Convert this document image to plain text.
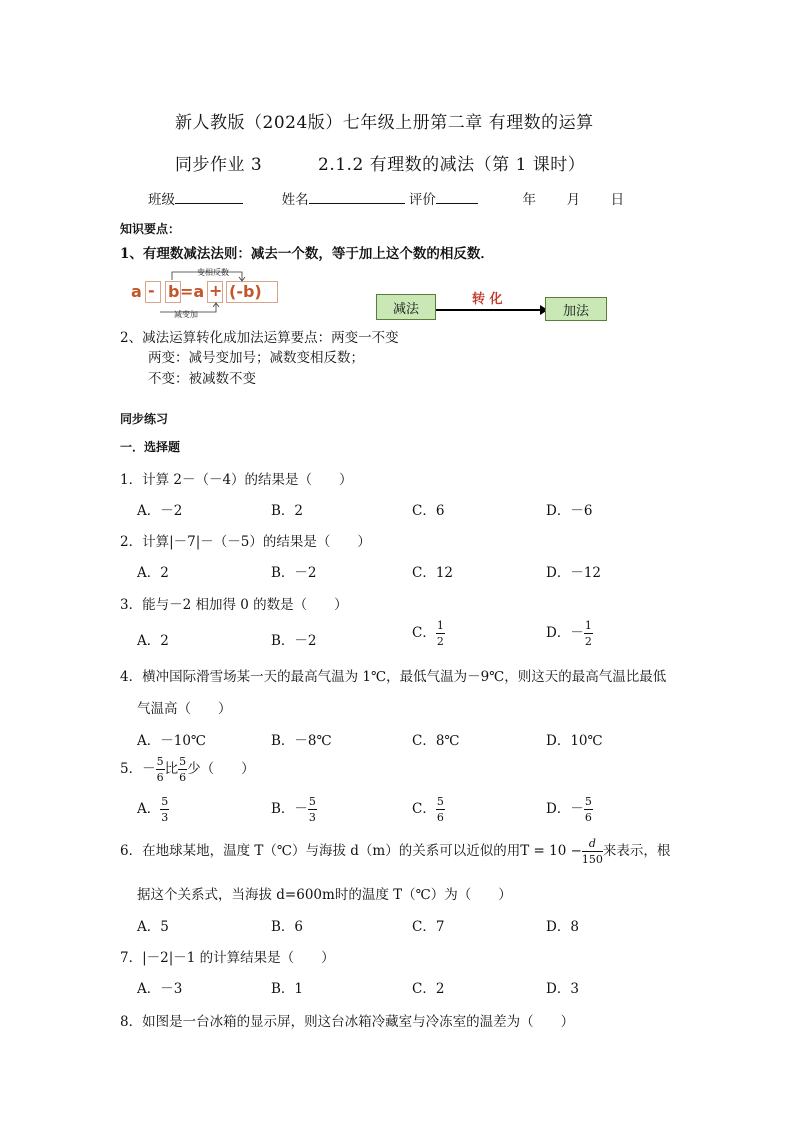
新人教版（2024版）七年级上册第二章 有理数的运算
同步作业 3	2.1.2 有理数的减法（第 1 课时）
班级	姓名	评价	年 月 日
知识要点：
1、有理数减法法则：减去一个数，等于加上这个数的相反数．
a - b =a + (-b)
变相反数
减变加	减法
转 化
加法
2、减法运算转化成加法运算要点：两变一不变
两变：减号变加号；减数变相反数；
不变：被减数不变
同步练习
一．选择题
1．计算 2－（－4）的结果是（　　）
A．－2	B．2	C．6	D．－6
2．计算|－7|－（－5）的结果是（　　）
A．2	B．－2	C．12	D．－12
3．能与－2 相加得 0 的数是（　　）
A．2	B．－2	C． $\frac{1}{2}$	D．－ $\frac{1}{2}$
4．横冲国际滑雪场某一天的最高气温为 1℃，最低气温为－9℃，则这天的最高气温比最低
气温高（　　）
A．－10℃	B．－8℃	C．8℃	D．10℃
5．－ $\frac{5}{6}$ 比 $\frac{5}{6}$ 少（　　）
A． $\frac{5}{3}$	B．－ $\frac{5}{3}$	C． $\frac{5}{6}$	D．－ $\frac{5}{6}$
6．在地球某地，温度 T（℃）与海拔 d（m）的关系可以近似的用$T = 10 - \frac{d}{150}$ 来表示，根
据这个关系式，当海拔 d=600m时的温度 T（℃）为（　　）
A．5	B．6	C．7	D．8
7．|－2|－1 的计算结果是（　　）
A．－3	B．1	C．2	D．3
8．如图是一台冰箱的显示屏，则这台冰箱冷藏室与冷冻室的温差为（　　）
